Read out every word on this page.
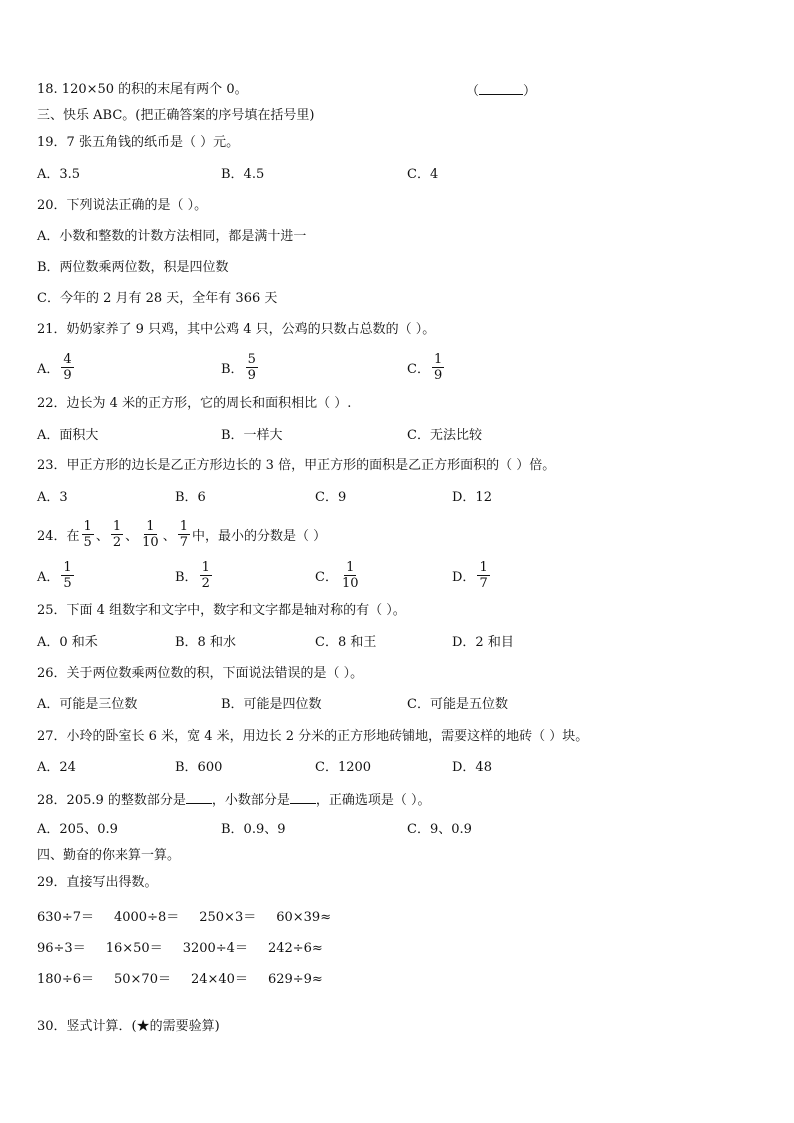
18. 120×50 的积的末尾有两个 0。	（	）
三、快乐 ABC。(把正确答案的序号填在括号里)
19．7 张五角钱的纸币是（ ）元。
A．3.5	B．4.5	C．4
20．下列说法正确的是（ ）。
A．小数和整数的计数方法相同，都是满十进一
B．两位数乘两位数，积是四位数
C．今年的 2 月有 28 天，全年有 366 天
21．奶奶家养了 9 只鸡，其中公鸡 4 只，公鸡的只数占总数的（ ）。
A． $\frac{4}{9}$	B． $\frac{5}{9}$	C． $\frac{1}{9}$
22．边长为 4 米的正方形，它的周长和面积相比（ ）.
A．面积大	B．一样大	C．无法比较
23．甲正方形的边长是乙正方形边长的 3 倍，甲正方形的面积是乙正方形面积的（ ）倍。
A．3	B．6	C．9	D．12
24．在 $\frac{1}{5}$ 、 $\frac{1}{2}$ 、 $\frac{1}{10}$ 、 $\frac{1}{7}$ 中，最小的分数是（ ）
A． $\frac{1}{5}$	B． $\frac{1}{2}$	C． $\frac{1}{10}$	D． $\frac{1}{7}$
25．下面 4 组数字和文字中，数字和文字都是轴对称的有（ ）。
A．0 和禾	B．8 和水	C．8 和王	D．2 和目
26．关于两位数乘两位数的积，下面说法错误的是（ ）。
A．可能是三位数	B．可能是四位数	C．可能是五位数
27．小玲的卧室长 6 米，宽 4 米，用边长 2 分米的正方形地砖铺地，需要这样的地砖（ ）块。
A．24	B．600	C．1200	D．48
28．205.9 的整数部分是 ，小数部分是 ，正确选项是（ ）。
A．205、0.9	B．0.9、9	C．9、0.9
四、勤奋的你来算一算。
29．直接写出得数。
630÷7＝ 4000÷8＝ 250×3＝ 60×39≈
96÷3＝ 16×50＝ 3200÷4＝ 242÷6≈
180÷6＝ 50×70＝ 24×40＝ 629÷9≈
30．竖式计算．(★的需要验算)
